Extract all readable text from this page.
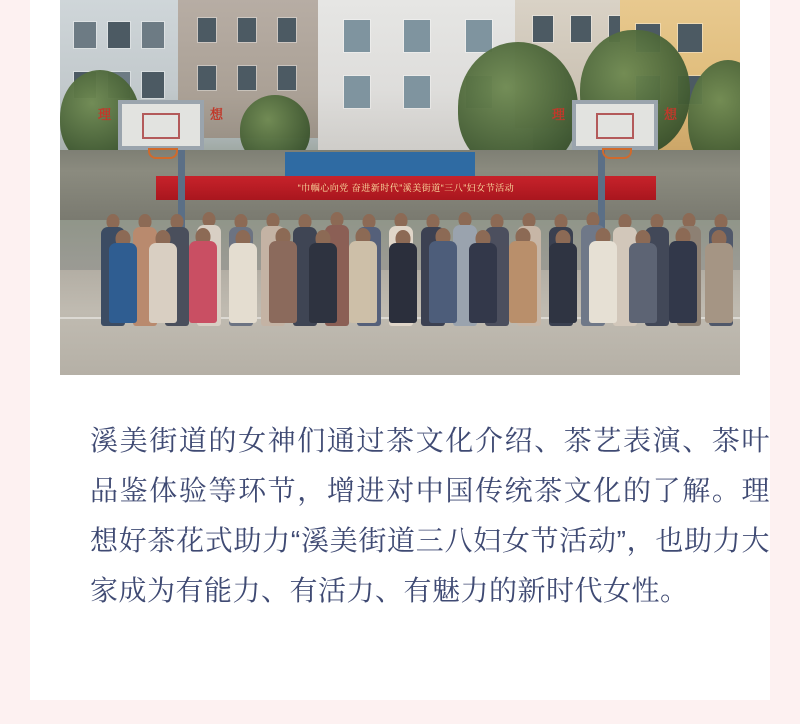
“巾帼心向党 奋进新时代”溪美街道“三八”妇女节活动
理	想	理	想
溪美街道的女神们通过茶文化介绍、茶艺表演、茶叶品鉴体验等环节，增进对中国传统茶文化的了解。理想好茶花式助力“溪美街道三八妇女节活动”，也助力大家成为有能力、有活力、有魅力的新时代女性。
